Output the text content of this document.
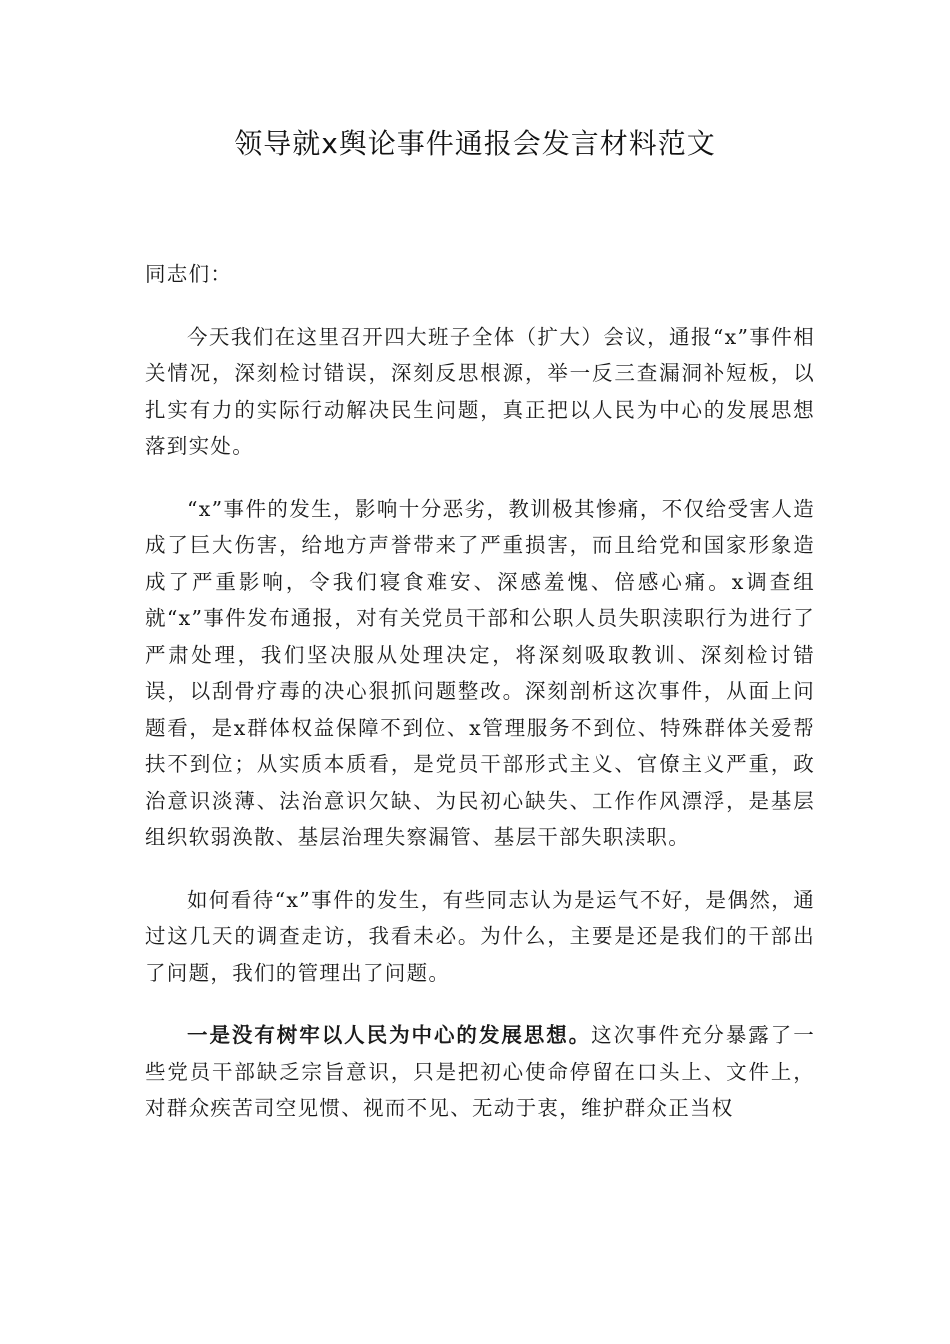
领导就x舆论事件通报会发言材料范文

同志们：

今天我们在这里召开四大班子全体（扩大）会议，通报“x”事件相关情况，深刻检讨错误，深刻反思根源，举一反三查漏洞补短板，以扎实有力的实际行动解决民生问题，真正把以人民为中心的发展思想落到实处。

“x”事件的发生，影响十分恶劣，教训极其惨痛，不仅给受害人造成了巨大伤害，给地方声誉带来了严重损害，而且给党和国家形象造成了严重影响，令我们寝食难安、深感羞愧、倍感心痛。x调查组就“x”事件发布通报，对有关党员干部和公职人员失职渎职行为进行了严肃处理，我们坚决服从处理决定，将深刻吸取教训、深刻检讨错误，以刮骨疗毒的决心狠抓问题整改。深刻剖析这次事件，从面上问题看，是x群体权益保障不到位、x管理服务不到位、特殊群体关爱帮扶不到位；从实质本质看，是党员干部形式主义、官僚主义严重，政治意识淡薄、法治意识欠缺、为民初心缺失、工作作风漂浮，是基层组织软弱涣散、基层治理失察漏管、基层干部失职渎职。

如何看待“x”事件的发生，有些同志认为是运气不好，是偶然，通过这几天的调查走访，我看未必。为什么，主要是还是我们的干部出了问题，我们的管理出了问题。

一是没有树牢以人民为中心的发展思想。这次事件充分暴露了一些党员干部缺乏宗旨意识，只是把初心使命停留在口头上、文件上，对群众疾苦司空见惯、视而不见、无动于衷，维护群众正当权
